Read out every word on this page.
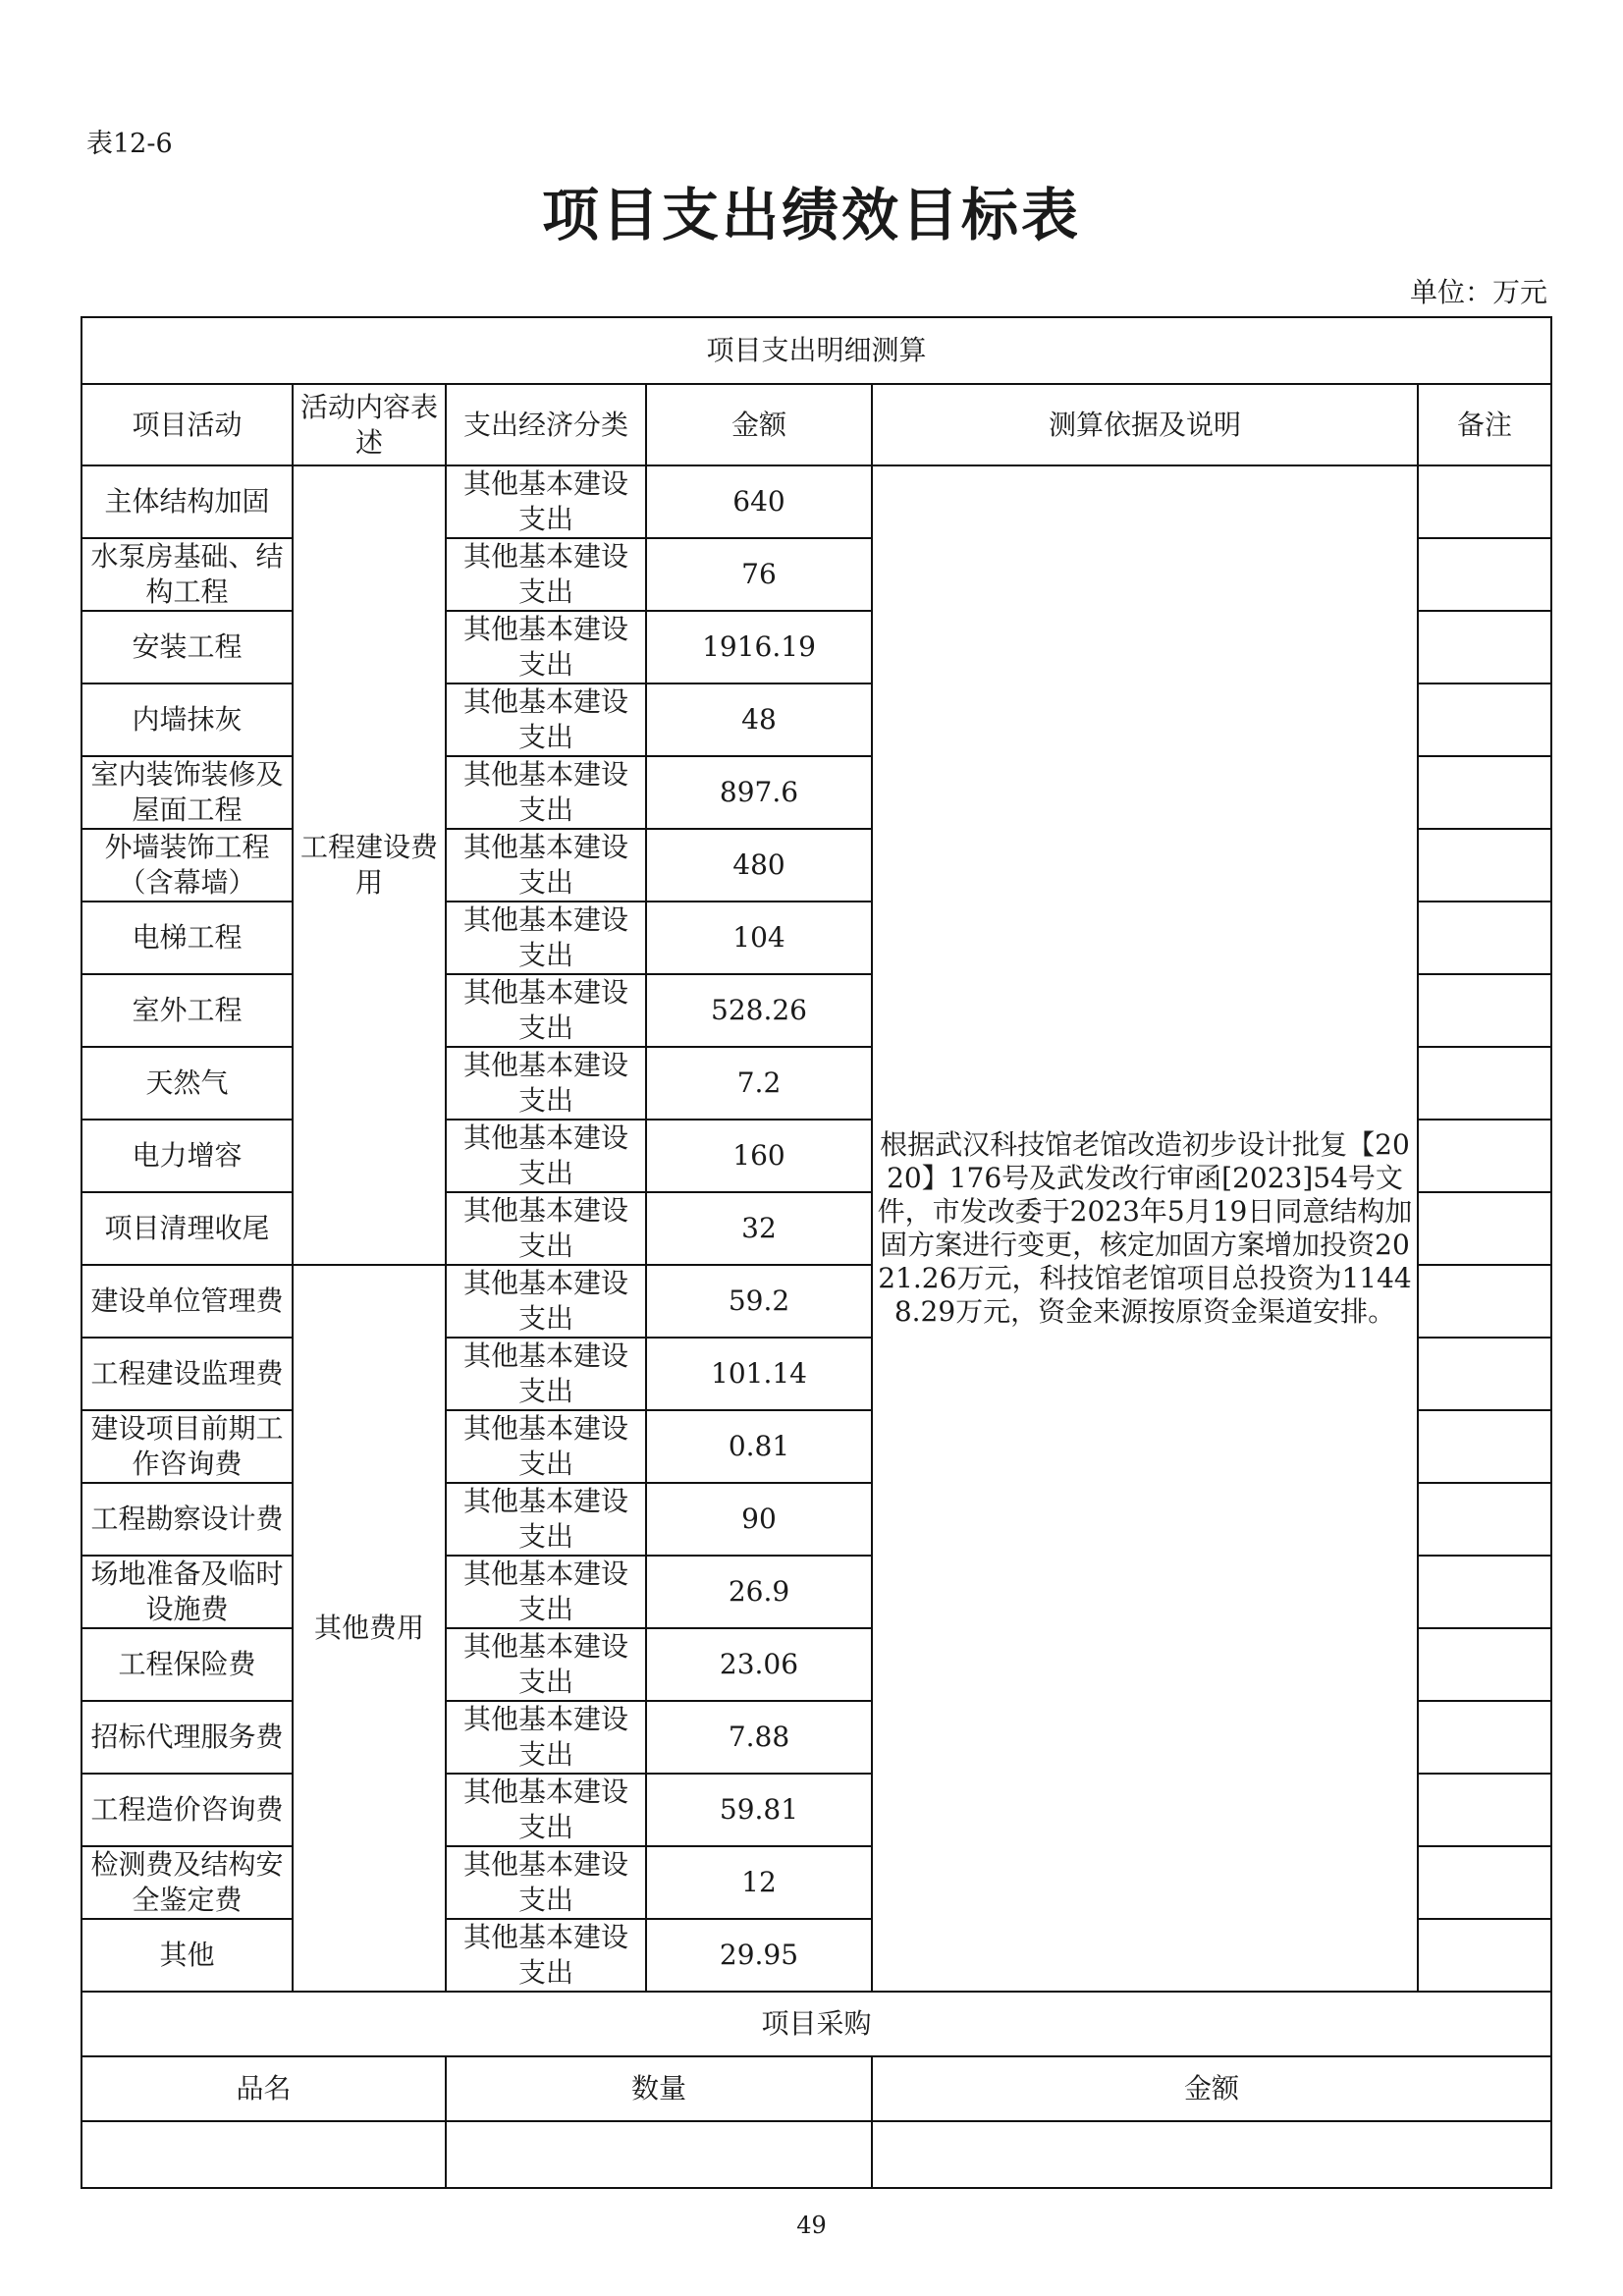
表12-6
项目支出绩效目标表
单位：万元
项目支出明细测算					
项目活动	活动内容表述	支出经济分类	金额	测算依据及说明	备注
主体结构加固	工程建设费用	其他基本建设支出	640	根据武汉科技馆老馆改造初步设计批复【2020】176号及武发改行审函[2023]54号文件，市发改委于2023年5月19日同意结构加固方案进行变更，核定加固方案增加投资2021.26万元，科技馆老馆项目总投资为11448.29万元，资金来源按原资金渠道安排。	
水泵房基础、结构工程		其他基本建设支出	76		
安装工程		其他基本建设支出	1916.19		
内墙抹灰		其他基本建设支出	48		
室内装饰装修及屋面工程		其他基本建设支出	897.6		
外墙装饰工程（含幕墙）		其他基本建设支出	480		
电梯工程		其他基本建设支出	104		
室外工程		其他基本建设支出	528.26		
天然气		其他基本建设支出	7.2		
电力增容		其他基本建设支出	160		
项目清理收尾		其他基本建设支出	32		
建设单位管理费	其他费用	其他基本建设支出	59.2		
工程建设监理费		其他基本建设支出	101.14		
建设项目前期工作咨询费		其他基本建设支出	0.81		
工程勘察设计费		其他基本建设支出	90		
场地准备及临时设施费		其他基本建设支出	26.9		
工程保险费		其他基本建设支出	23.06		
招标代理服务费		其他基本建设支出	7.88		
工程造价咨询费		其他基本建设支出	59.81		
检测费及结构安全鉴定费		其他基本建设支出	12		
其他		其他基本建设支出	29.95		
项目采购					
品名		数量		金额	

49
